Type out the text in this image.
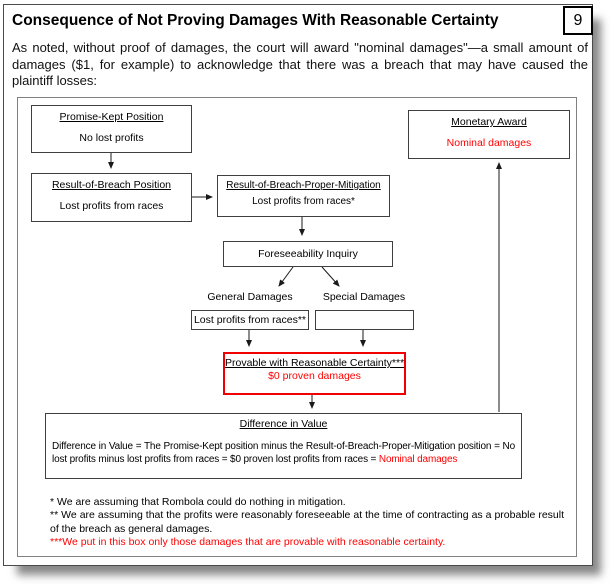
Consequence of Not Proving Damages With Reasonable Certainty	9
As noted, without proof of damages, the court will award "nominal damages"—a small amount of damages ($1, for example) to acknowledge that there was a breach that may have caused the plaintiff losses:
Promise-Kept Position
No lost profits
Result-of-Breach Position
Lost profits from races
Result-of-Breach-Proper-Mitigation
Lost profits from races*
Monetary Award
Nominal damages
Foreseeability Inquiry
General Damages	Special Damages
Lost profits from races**
Provable with Reasonable Certainty***
$0 proven damages
Difference in Value
Difference in Value = The Promise-Kept position minus the Result-of-Breach-Proper-Mitigation position = No lost profits minus lost profits from races = $0 proven lost profits from races = Nominal damages
* We are assuming that Rombola could do nothing in mitigation.
** We are assuming that the profits were reasonably foreseeable at the time of contracting as a probable result of the breach as general damages.
***We put in this box only those damages that are provable with reasonable certainty.
